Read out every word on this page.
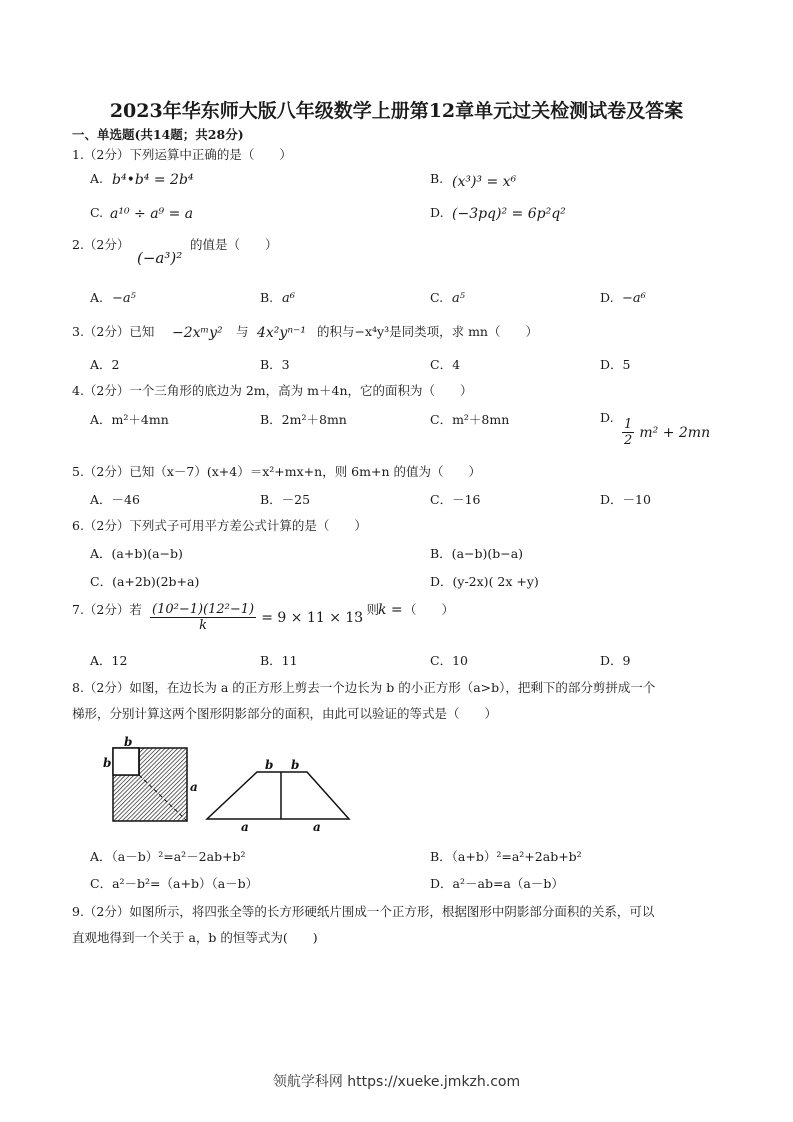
2023年华东师大版八年级数学上册第12章单元过关检测试卷及答案
一、单选题(共14题；共28分)
1.（2分）下列运算中正确的是（　　）
A. b⁴•b⁴ = 2b⁴	B. (x³)³ = x⁶
C. a¹⁰ ÷ a⁹ = a	D. (−3pq)² = 6p²q²
2.（2分）
(−a³)²
的值是（　　）
A. −a⁵	B. a⁶	C. a⁵	D. −a⁶
3.（2分）已知 −2xᵐy² 与 4x²yⁿ⁻¹ 的积与−x⁴y³是同类项，求 mn（　　）
A．2	B．3	C．4	D．5
4.（2分）一个三角形的底边为 2m，高为 m＋4n，它的面积为（　　）
A．m²＋4mn	B．2m²＋8mn	C．m²＋8mn	D. $\frac{1}{2} m^2 + 2mn$
5.（2分）已知（x－7）(x+4）＝x²+mx+n，则 6m+n 的值为（　　）
A．－46	B．－25	C．－16	D．－10
6.（2分）下列式子可用平方差公式计算的是（　　）
A．(a+b)(a−b)	B．(a−b)(b−a)
C．(a+2b)(2b+a)	D．(y-2x)( 2x +y)
7.（2分）若 $\frac{\text{(10²−1)(12²−1)}}{k} = 9 \times 11 \times 13$
，则
k = （　　）
A．12	B．11	C．10	D．9
8.（2分）如图，在边长为 a 的正方形上剪去一个边长为 b 的小正方形（a>b），把剩下的部分剪拼成一个
梯形，分别计算这两个图形阴影部分的面积，由此可以验证的等式是（　　）
b
b
a
b b
a	a
A．（a－b）²=a²－2ab+b²	B．（a+b）²=a²+2ab+b²
C．a²－b²=（a+b）（a－b）	D．a²－ab=a（a－b）
9.（2分）如图所示，将四张全等的长方形硬纸片围成一个正方形，根据图形中阴影部分面积的关系，可以
直观地得到一个关于 a，b 的恒等式为(　　)
领航学科网 https://xueke.jmkzh.com
